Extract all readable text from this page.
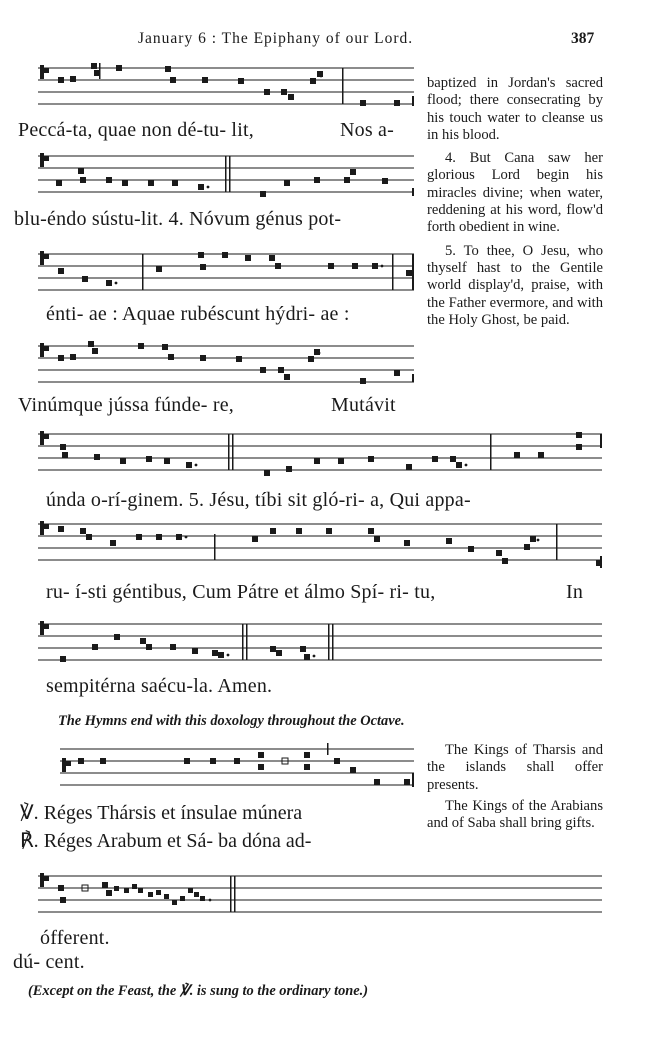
January 6 : The Epiphany of our Lord.	387
Peccá-ta, quae non dé-tu- lit,	Nos a-
blu-éndo sústu-lit. 4. Nóvum génus pot-
énti- ae : Aquae rubéscunt hýdri- ae :
Vinúmque jússa fúnde- re,	Mutávit

baptized in Jordan's sacred flood; there consecrating by his touch water to cleanse us in his blood.

4. But Cana saw her glorious Lord begin his miracles divine; when water, reddening at his word, flow'd forth obedient in wine.

5. To thee, O Jesu, who thyself hast to the Gentile world display'd, praise, with the Father evermore, and with the Holy Ghost, be paid.

únda o-rí-ginem. 5. Jésu, tíbi sit gló-ri- a, Qui appa-
ru- í-sti géntibus, Cum Pátre et álmo Spí- ri- tu,	In
sempitérna saécu-la. Amen.
The Hymns end with this doxology throughout the Octave.
℣. Réges Thársis et ínsulae múnera
℟. Réges Arabum et Sá- ba dóna ad-

The Kings of Tharsis and the islands shall offer presents.

The Kings of the Arabians and of Saba shall bring gifts.

ófferent.
dú- cent.
(Except on the Feast, the ℣. is sung to the ordinary tone.)
